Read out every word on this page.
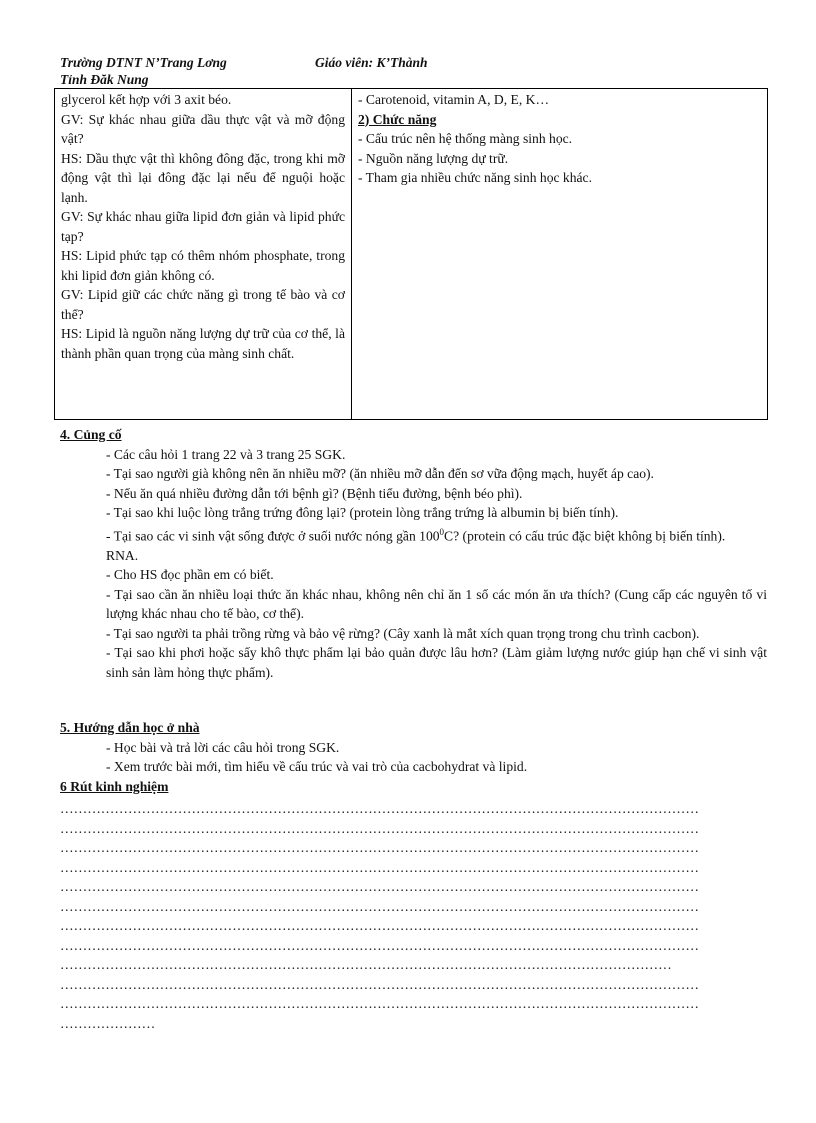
Trường DTNT N’Trang Lơng	Giáo viên: K’Thành
Tỉnh Đăk Nung

glycerol kết hợp với 3 axit béo.

GV: Sự khác nhau giữa dầu thực vật và mỡ động vật?

HS: Dầu thực vật thì không đông đặc, trong khi mỡ động vật thì lại đông đặc lại nếu để nguội hoặc lạnh.

GV: Sự khác nhau giữa lipid đơn giản và lipid phức tạp?

HS: Lipid phức tạp có thêm nhóm phosphate, trong khi lipid đơn giản không có.

GV: Lipid giữ các chức năng gì trong tế bào và cơ thể?

HS: Lipid là nguồn năng lượng dự trữ của cơ thể, là thành phần quan trọng của màng sinh chất.

- Carotenoid, vitamin A, D, E, K…

2) Chức năng

- Cấu trúc nên hệ thống màng sinh học.

- Nguồn năng lượng dự trữ.

- Tham gia nhiều chức năng sinh học khác.

4. Củng cố

- Các câu hỏi 1 trang 22 và 3 trang 25 SGK.

- Tại sao người già không nên ăn nhiều mỡ? (ăn nhiều mỡ dẫn đến sơ vữa động mạch, huyết áp cao).

- Nếu ăn quá nhiều đường dẫn tới bệnh gì? (Bệnh tiểu đường, bệnh béo phì).

- Tại sao khi luộc lòng trắng trứng đông lại? (protein lòng trắng trứng là albumin bị biến tính).

- Tại sao các vi sinh vật sống được ở suối nước nóng gần $100^0C$? (protein có cấu trúc đặc biệt không bị biến tính).

RNA.

- Cho HS đọc phần em có biết.

- Tại sao cần ăn nhiều loại thức ăn khác nhau, không nên chỉ ăn 1 số các món ăn ưa thích? (Cung cấp các nguyên tố vi lượng khác nhau cho tế bào, cơ thể).

- Tại sao người ta phải trồng rừng và bảo vệ rừng? (Cây xanh là mắt xích quan trọng trong chu trình cacbon).

- Tại sao khi phơi hoặc sấy khô thực phẩm lại bảo quản được lâu hơn? (Làm giảm lượng nước giúp hạn chế vi sinh vật sinh sản làm hỏng thực phẩm).

5. Hướng dẫn học ở nhà

- Học bài và trả lời các câu hỏi trong SGK.

- Xem trước bài mới, tìm hiểu về cấu trúc và vai trò của cacbohydrat và lipid.

6 Rút kinh nghiệm
……………………………………………………………………………………………………………………………
……………………………………………………………………………………………………………………………
……………………………………………………………………………………………………………………………
……………………………………………………………………………………………………………………………
……………………………………………………………………………………………………………………………
……………………………………………………………………………………………………………………………
……………………………………………………………………………………………………………………………
……………………………………………………………………………………………………………………………
………………………………………………………………………………………………………………………
……………………………………………………………………………………………………………………………
……………………………………………………………………………………………………………………………
…………………
